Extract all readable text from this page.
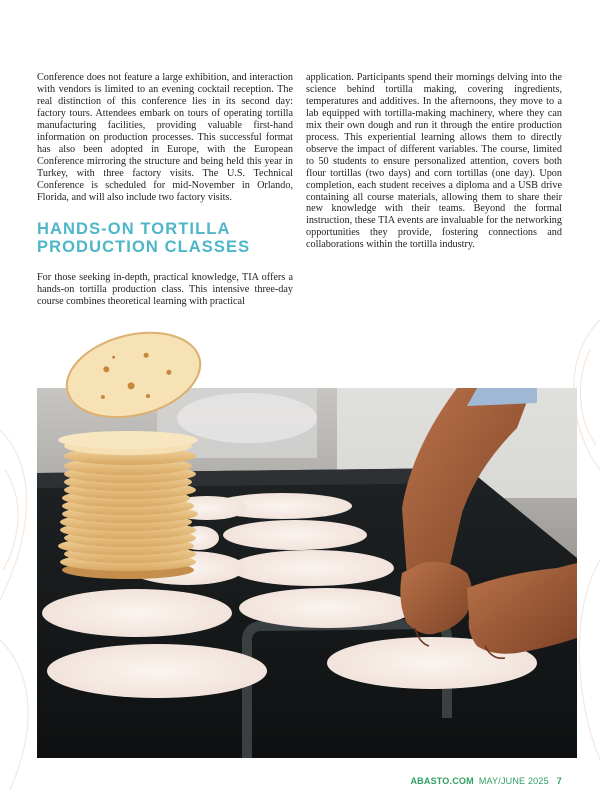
Conference does not feature a large exhibition, and interaction with vendors is limited to an evening cocktail reception. The real distinction of this conference lies in its second day: factory tours. Attendees embark on tours of operating tortilla manufacturing facilities, providing valuable first-hand information on production processes. This successful format has also been adopted in Europe, with the European Conference mirroring the structure and being held this year in Turkey, with three factory visits. The U.S. Technical Conference is scheduled for mid-November in Orlando, Florida, and will also include two factory visits.

HANDS-ON TORTILLA PRODUCTION CLASSES

For those seeking in-depth, practical knowledge, TIA offers a hands-on tortilla production class. This intensive three-day course combines theoretical learning with practical

application. Participants spend their mornings delving into the science behind tortilla making, covering ingredients, temperatures and additives. In the afternoons, they move to a lab equipped with tortilla-making machinery, where they can mix their own dough and run it through the entire production process. This experiential learning allows them to directly observe the impact of different variables. The course, limited to 50 students to ensure personalized attention, covers both flour tortillas (two days) and corn tortillas (one day). Upon completion, each student receives a diploma and a USB drive containing all course materials, allowing them to share their new knowledge with their teams. Beyond the formal instruction, these TIA events are invaluable for the networking opportunities they provide, fostering connections and collaborations within the tortilla industry.

ABASTO.COM MAY/JUNE 2025 7
